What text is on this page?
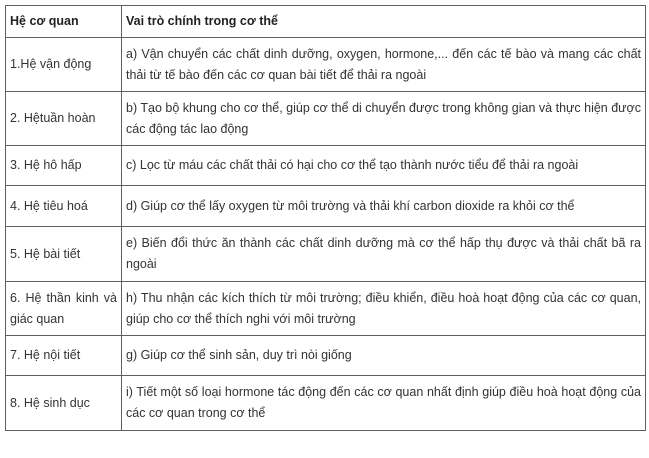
Hệ cơ quan	Vai trò chính trong cơ thể
1.Hệ vận động	a) Vận chuyển các chất dinh dưỡng, oxygen, hormone,... đến các tế bào và mang các chất thải từ tế bào đến các cơ quan bài tiết để thải ra ngoài
2. Hệtuần hoàn	b) Tạo bộ khung cho cơ thể, giúp cơ thể di chuyển được trong không gian và thực hiện được các động tác lao động
3. Hệ hô hấp	c) Lọc từ máu các chất thải có hại cho cơ thể tạo thành nước tiểu để thải ra ngoài
4. Hệ tiêu hoá	d) Giúp cơ thể lấy oxygen từ môi trường và thải khí carbon dioxide ra khỏi cơ thể
5. Hệ bài tiết	e) Biến đổi thức ăn thành các chất dinh dưỡng mà cơ thể hấp thụ được và thải chất bã ra ngoài
6. Hệ thần kinh và giác quan	h) Thu nhận các kích thích từ môi trường; điều khiển, điều hoà hoạt động của các cơ quan, giúp cho cơ thể thích nghi với môi trường
7. Hệ nội tiết	g) Giúp cơ thể sinh sản, duy trì nòi giống
8. Hệ sinh dục	i) Tiết một số loại hormone tác động đến các cơ quan nhất định giúp điều hoà hoạt động của các cơ quan trong cơ thể
